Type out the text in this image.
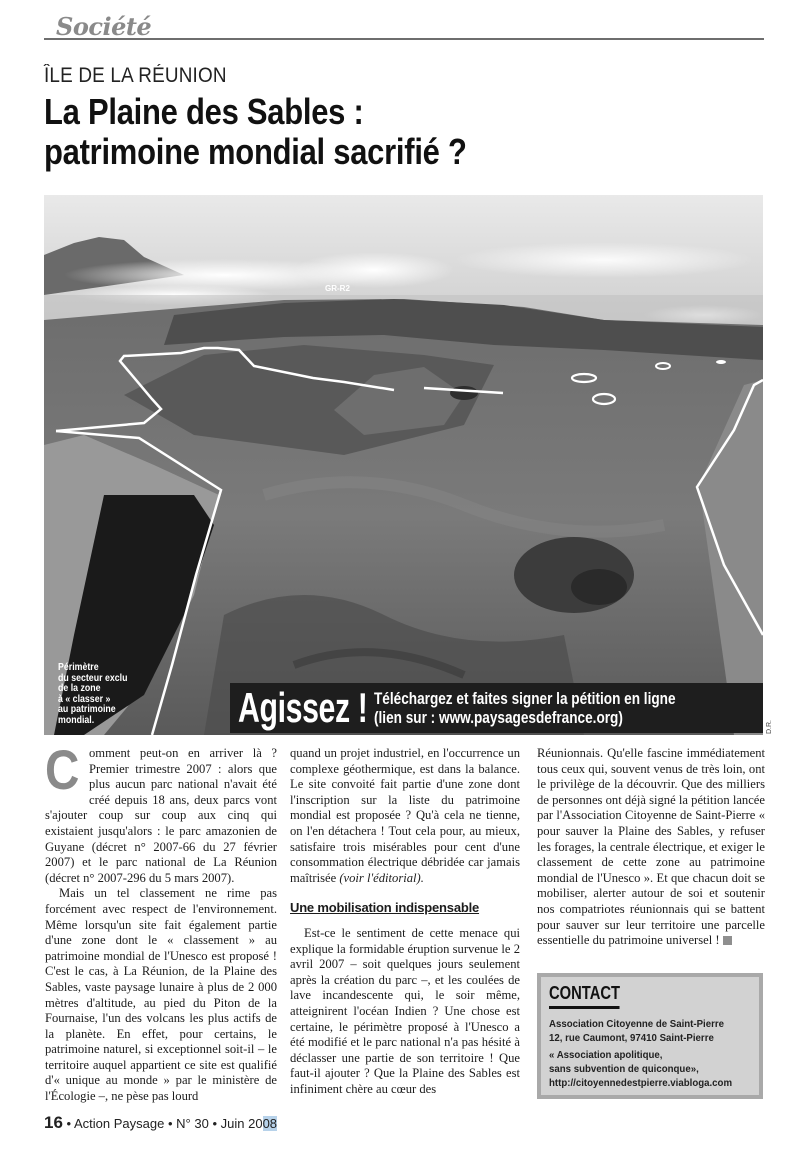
Société
ÎLE DE LA RÉUNION
La Plaine des Sables :
patrimoine mondial sacrifié ?
GR-R2
Périmètre
du secteur exclu
de la zone
à « classer »
au patrimoine
mondial.	Agissez ! Téléchargez et faites signer la pétition en ligne
(lien sur : www.paysagesdefrance.org)	D.R.

Comment peut-on en arriver là ? Premier trimestre 2007 : alors que plus aucun parc national n'avait été créé depuis 18 ans, deux parcs vont s'ajouter coup sur coup aux cinq qui existaient jusqu'alors : le parc amazonien de Guyane (décret n° 2007-66 du 27 février 2007) et le parc national de La Réunion (décret n° 2007-296 du 5 mars 2007).

Mais un tel classement ne rime pas forcément avec respect de l'environnement. Même lorsqu'un site fait également partie d'une zone dont le « classement » au patrimoine mondial de l'Unesco est proposé ! C'est le cas, à La Réunion, de la Plaine des Sables, vaste paysage lunaire à plus de 2 000 mètres d'altitude, au pied du Piton de la Fournaise, l'un des volcans les plus actifs de la planète. En effet, pour certains, le patrimoine naturel, si exceptionnel soit-il – le territoire auquel appartient ce site est qualifié d'« unique au monde » par le ministère de l'Écologie –, ne pèse pas lourd

quand un projet industriel, en l'occurrence un complexe géothermique, est dans la balance. Le site convoité fait partie d'une zone dont l'inscription sur la liste du patrimoine mondial est proposée ? Qu'à cela ne tienne, on l'en détachera ! Tout cela pour, au mieux, satisfaire trois misérables pour cent d'une consommation électrique débridée car jamais maîtrisée (voir l'éditorial).

Une mobilisation indispensable

Est-ce le sentiment de cette menace qui explique la formidable éruption survenue le 2 avril 2007 – soit quelques jours seulement après la création du parc –, et les coulées de lave incandescente qui, le soir même, atteignirent l'océan Indien ? Une chose est certaine, le périmètre proposé à l'Unesco a été modifié et le parc national n'a pas hésité à déclasser une partie de son territoire ! Que faut-il ajouter ? Que la Plaine des Sables est infiniment chère au cœur des

Réunionnais. Qu'elle fascine immédiatement tous ceux qui, souvent venus de très loin, ont le privilège de la découvrir. Que des milliers de personnes ont déjà signé la pétition lancée par l'Association Citoyenne de Saint-Pierre « pour sauver la Plaine des Sables, y refuser les forages, la centrale électrique, et exiger le classement de cette zone au patrimoine mondial de l'Unesco ». Et que chacun doit se mobiliser, alerter autour de soi et soutenir nos compatriotes réunionnais qui se battent pour sauver sur leur territoire une parcelle essentielle du patrimoine universel !

CONTACT
Association Citoyenne de Saint-Pierre
12, rue Caumont, 97410 Saint-Pierre
« Association apolitique,
sans subvention de quiconque»,
http://citoyennedestpierre.viabloga.com
16 • Action Paysage • N° 30 • Juin 2008
